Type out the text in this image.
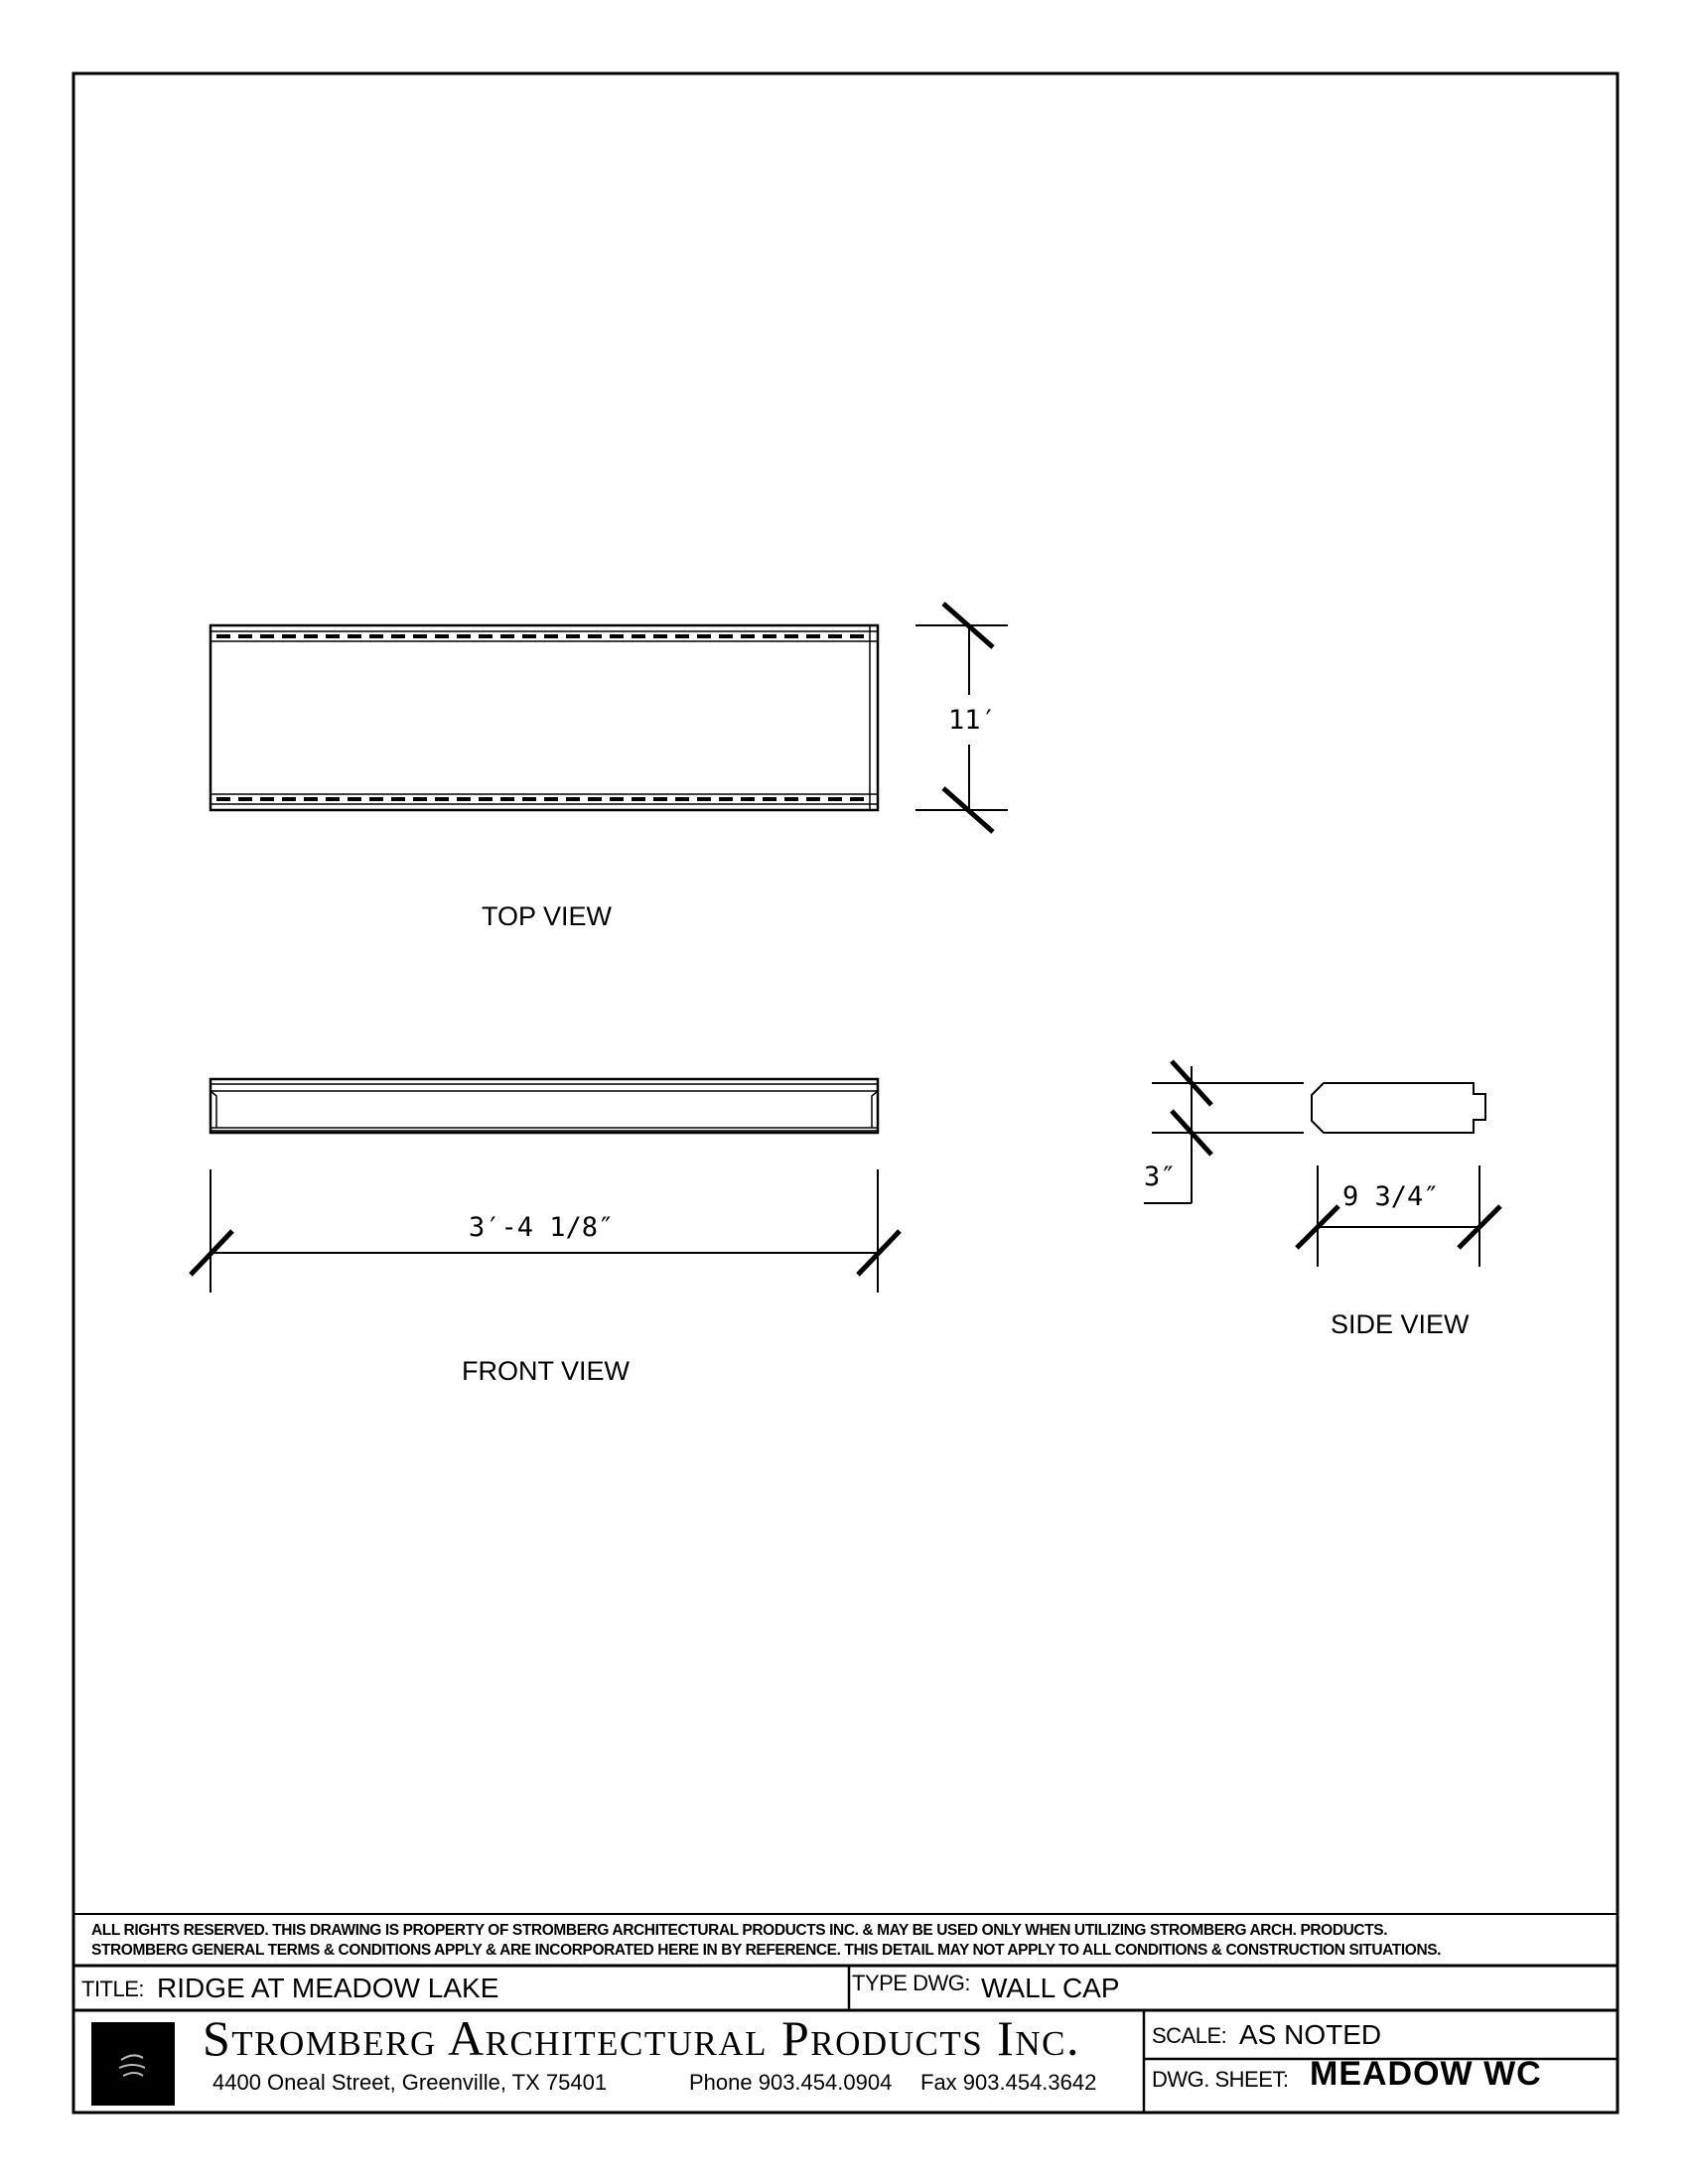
11′
TOP VIEW
3′-4 1/8″
FRONT VIEW
3″
9 3/4″
SIDE VIEW
ALL RIGHTS RESERVED. THIS DRAWING IS PROPERTY OF STROMBERG ARCHITECTURAL PRODUCTS INC. & MAY BE USED ONLY WHEN UTILIZING STROMBERG ARCH. PRODUCTS.
STROMBERG GENERAL TERMS & CONDITIONS APPLY & ARE INCORPORATED HERE IN BY REFERENCE. THIS DETAIL MAY NOT APPLY TO ALL CONDITIONS & CONSTRUCTION SITUATIONS.
TITLE: RIDGE AT MEADOW LAKE	TYPE DWG: WALL CAP
Stromberg Architectural Products Inc.
4400 Oneal Street, Greenville, TX 75401	Phone 903.454.0904 Fax 903.454.3642
SCALE: AS NOTED
DWG. SHEET: MEADOW WC
